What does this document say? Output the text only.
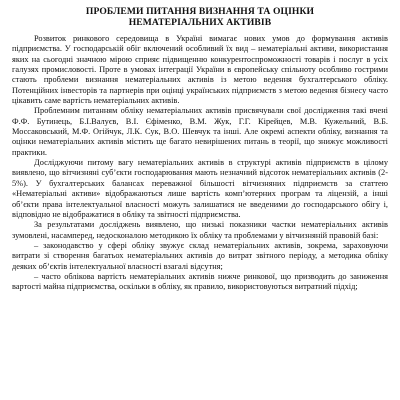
ПРОБЛЕМИ ПИТАННЯ ВИЗНАННЯ ТА ОЦІНКИ
НЕМАТЕРІАЛЬНИХ АКТИВІВ

Розвиток ринкового середовища в Україні вимагає нових умов до формування активів підприємства. У господарській обіг включений особливий їх вид – нематеріальні активи, використання яких на сьогодні значною мірою сприяє підвищенню конкурентоспроможності товарів і послуг в усіх галузях промисловості. Проте в умовах інтеграції України в європейську спільноту особливо гострими стають проблеми визнання нематеріальних активів із метою ведення бухгалтерського обліку. Потенційних інвесторів та партнерів при оцінці українських підприємств з метою ведення бізнесу часто цікавить саме вартість нематеріальних активів.

Проблемним питанням обліку нематеріальних активів присвячували свої дослідження такі вчені Ф.Ф. Бутинець, Б.І.Валуєв, В.І. Єфіменко, В.М. Жук, Г.Г. Кірейцев, М.В. Кужельний, В.Б. Моссаковський, М.Ф. Огійчук, Л.К. Сук, В.О. Шевчук та інші. Але окремі аспекти обліку, визнання та оцінки нематеріальних активів містить ще багато невирішених питань в теорії, що знижує можливості практики.

Досліджуючи питому вагу нематеріальних активів в структурі активів підприємств в цілому виявлено, що вітчизняні суб’єкти господарювання мають незначний відсоток нематеріальних активів (2-5%). У бухгалтерських балансах переважної більшості вітчизняних підприємств за статтею «Нематеріальні активи» відображаються лише вартість комп’ютерних програм та ліцензій, а інші об’єкти права інтелектуальної власності можуть залишатися не введеними до господарського обігу і, відповідно не відображатися в обліку та звітності підприємства.

За результатами досліджень виявлено, що низькі показники частки нематеріальних активів зумовлені, насамперед, недосконалою методикою їх обліку та проблемами у вітчизняній правовій базі:

– законодавство у сфері обліку звужує склад нематеріальних активів, зокрема, зараховуючи витрати зі створення багатьох нематеріальних активів до витрат звітного періоду, а методика обліку деяких об’єктів інтелектуальної власності взагалі відсутня;

– часто облікова вартість нематеріальних активів нижче ринкової, що призводить до заниження вартості майна підприємства, оскільки в обліку, як правило, використовуються витратний підхід;
